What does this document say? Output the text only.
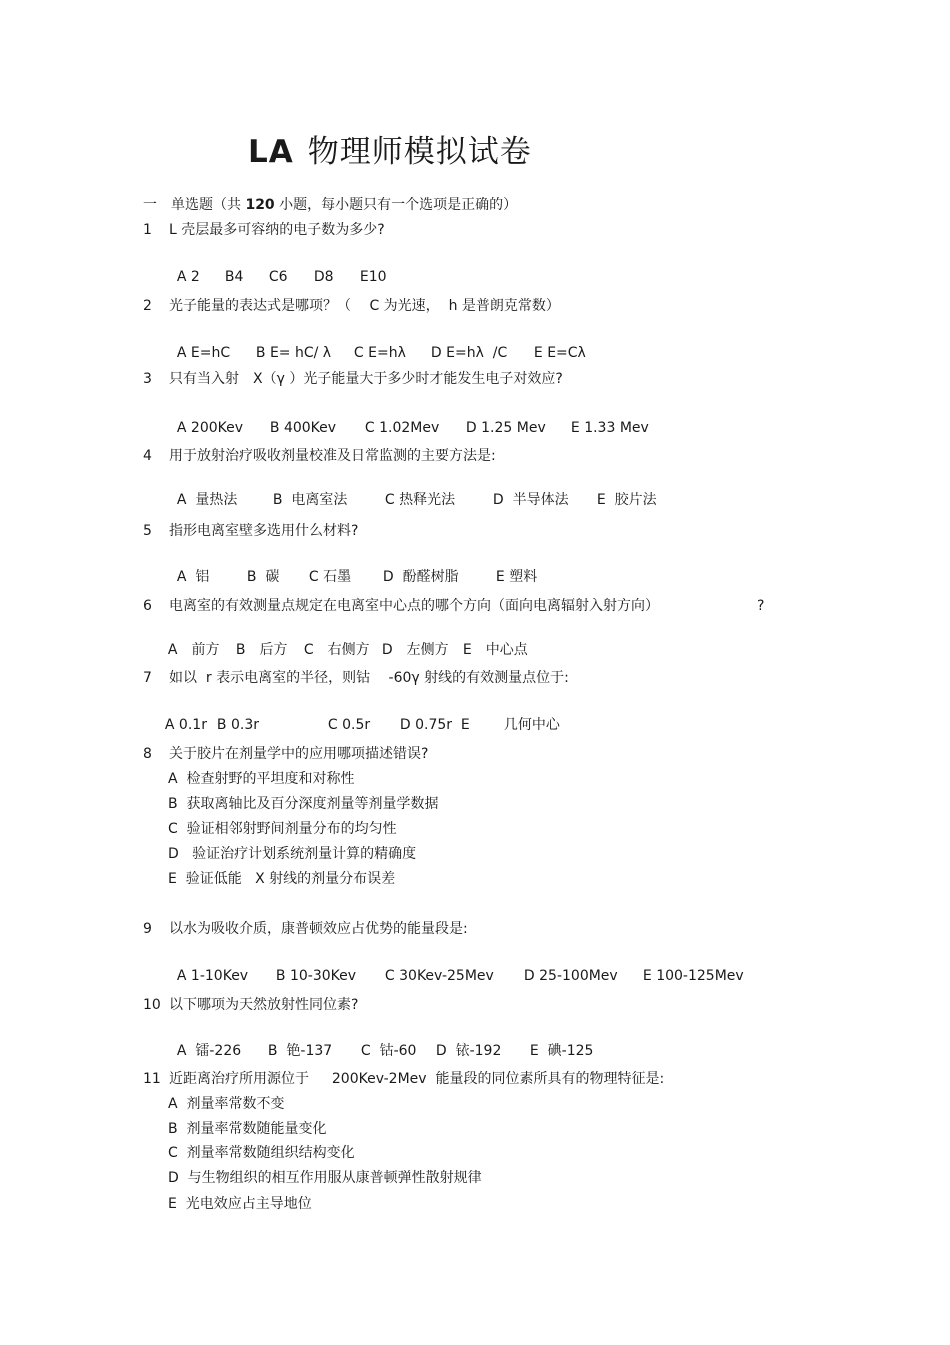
LA 物理师模拟试卷
一　单选题（共 120 小题，每小题只有一个选项是正确的）
1 L 壳层最多可容纳的电子数为多少?

A 2 B4 C6 D8 E10

2 光子能量的表达式是哪项？（　 C 为光速，  h 是普朗克常数）

A E=hC B E= hC/ λ C E=hλ D E=hλ  /C E E=Cλ

3 只有当入射　X（γ ）光子能量大于多少时才能发生电子对效应?

A 200Kev B 400Kev C 1.02Mev D 1.25 Mev E 1.33 Mev

4 用于放射治疗吸收剂量校准及日常监测的主要方法是:

A  量热法	B  电离室法	C 热释光法	D  半导体法 E  胶片法

5 指形电离室壁多选用什么材料?

A  铝	B  碳 C 石墨 D  酚醛树脂	E 塑料

6 电离室的有效测量点规定在电离室中心点的哪个方向（面向电离辐射入射方向）	?

A　前方 B　后方 C　右侧方 D　左侧方 E　中心点

7 如以  r 表示电离室的半径，则钴　 -60γ 射线的有效测量点位于:

A 0.1r B 0.3r	C 0.5r D 0.75r E 几何中心

8 关于胶片在剂量学中的应用哪项描述错误?
A  检查射野的平坦度和对称性
B  获取离轴比及百分深度剂量等剂量学数据
C  验证相邻射野间剂量分布的均匀性
D   验证治疗计划系统剂量计算的精确度
E  验证低能   X 射线的剂量分布误差
9 以水为吸收介质，康普顿效应占优势的能量段是:

A 1-10Kev B 10-30Kev C 30Kev-25Mev D 25-100Mev E 100-125Mev

10 以下哪项为天然放射性同位素?

A  镭-226 B  铯-137 C  钴-60 D  铱-192 E  碘-125

11 近距离治疗所用源位于　  200Kev-2Mev  能量段的同位素所具有的物理特征是:
A  剂量率常数不变
B  剂量率常数随能量变化
C  剂量率常数随组织结构变化
D  与生物组织的相互作用服从康普顿弹性散射规律
E  光电效应占主导地位
